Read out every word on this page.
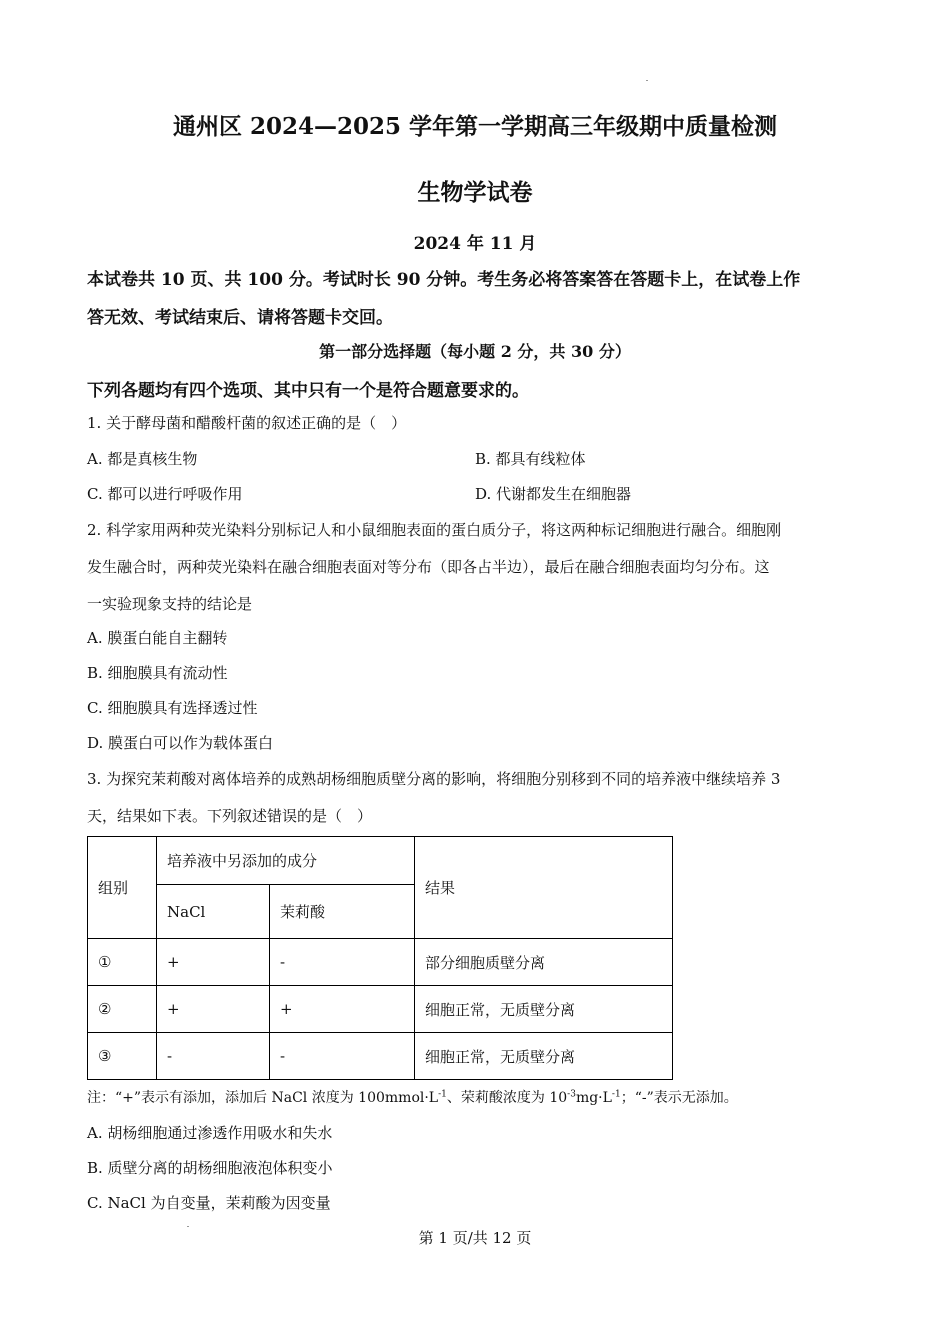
通州区 2024—2025 学年第一学期高三年级期中质量检测
生物学试卷
2024 年 11 月
本试卷共 10 页、共 100 分。考试时长 90 分钟。考生务必将答案答在答题卡上，在试卷上作
答无效、考试结束后、请将答题卡交回。
第一部分选择题（每小题 2 分，共 30 分）
下列各题均有四个选项、其中只有一个是符合题意要求的。
1. 关于酵母菌和醋酸杆菌的叙述正确的是（　）
A. 都是真核生物	B. 都具有线粒体
C. 都可以进行呼吸作用	D. 代谢都发生在细胞器
2. 科学家用两种荧光染料分别标记人和小鼠细胞表面的蛋白质分子，将这两种标记细胞进行融合。细胞刚
发生融合时，两种荧光染料在融合细胞表面对等分布（即各占半边），最后在融合细胞表面均匀分布。这
一实验现象支持的结论是
A. 膜蛋白能自主翻转
B. 细胞膜具有流动性
C. 细胞膜具有选择透过性
D. 膜蛋白可以作为载体蛋白
3. 为探究茉莉酸对离体培养的成熟胡杨细胞质壁分离的影响，将细胞分别移到不同的培养液中继续培养 3
天，结果如下表。下列叙述错误的是（　）
组别	培养液中另添加的成分		结果
	NaCl	茉莉酸	
①	+	-	部分细胞质壁分离
②	+	+	细胞正常，无质壁分离
③	-	-	细胞正常，无质壁分离
注：“+”表示有添加，添加后 NaCl 浓度为 $100mmol\cdot L^{-1}$、荣莉酸浓度为 $10^{-3}mg\cdot L^{-1}$；“-”表示无添加。
A. 胡杨细胞通过渗透作用吸水和失水
B. 质壁分离的胡杨细胞液泡体积变小
C. NaCl 为自变量，茉莉酸为因变量
第 1 页/共 12 页
